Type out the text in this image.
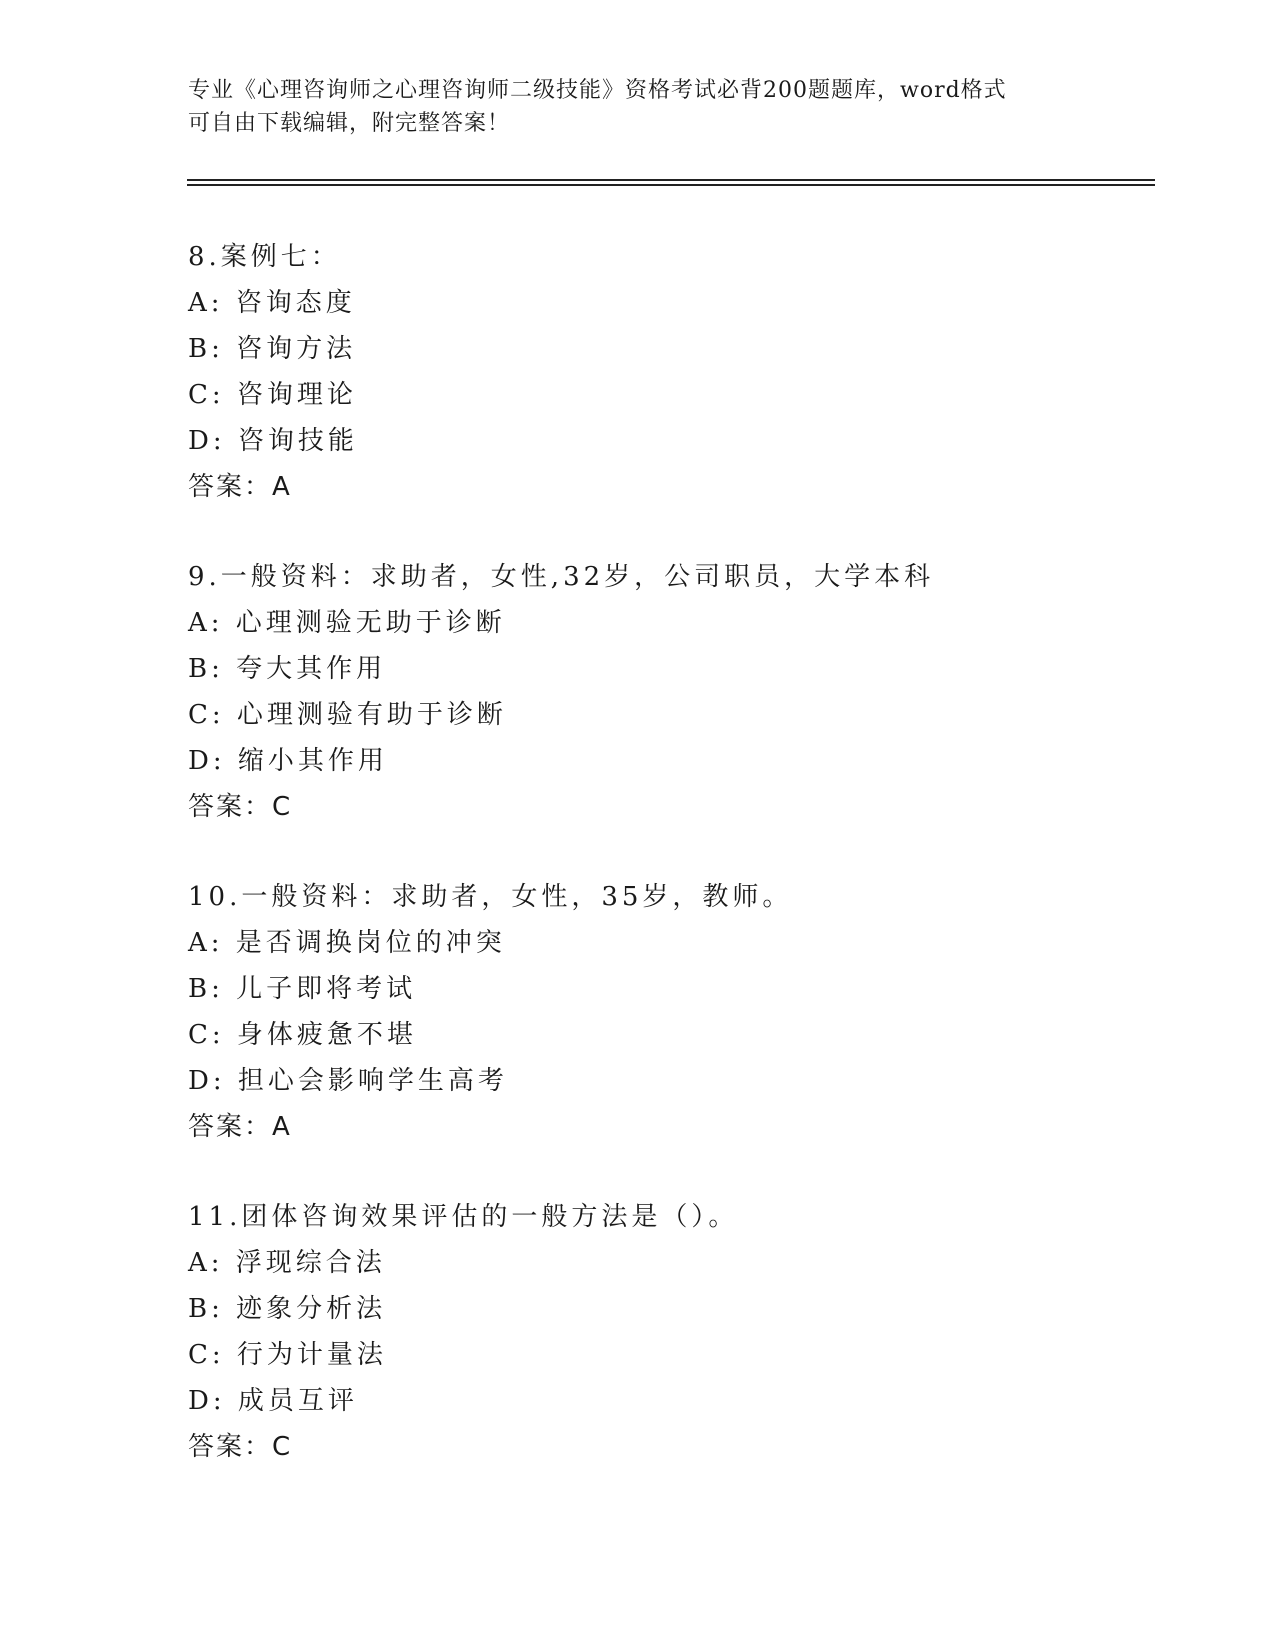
专业《心理咨询师之心理咨询师二级技能》资格考试必背200题题库，word格式
可自由下载编辑，附完整答案！
8.案例七：
A: 咨询态度
B: 咨询方法
C: 咨询理论
D: 咨询技能
答案：A
9.一般资料：求助者，女性,32岁，公司职员，大学本科
A: 心理测验无助于诊断
B: 夸大其作用
C: 心理测验有助于诊断
D: 缩小其作用
答案：C
10.一般资料：求助者，女性，35岁，教师。
A: 是否调换岗位的冲突
B: 儿子即将考试
C: 身体疲惫不堪
D: 担心会影响学生高考
答案：A
11.团体咨询效果评估的一般方法是（）。
A: 浮现综合法
B: 迹象分析法
C: 行为计量法
D: 成员互评
答案：C
